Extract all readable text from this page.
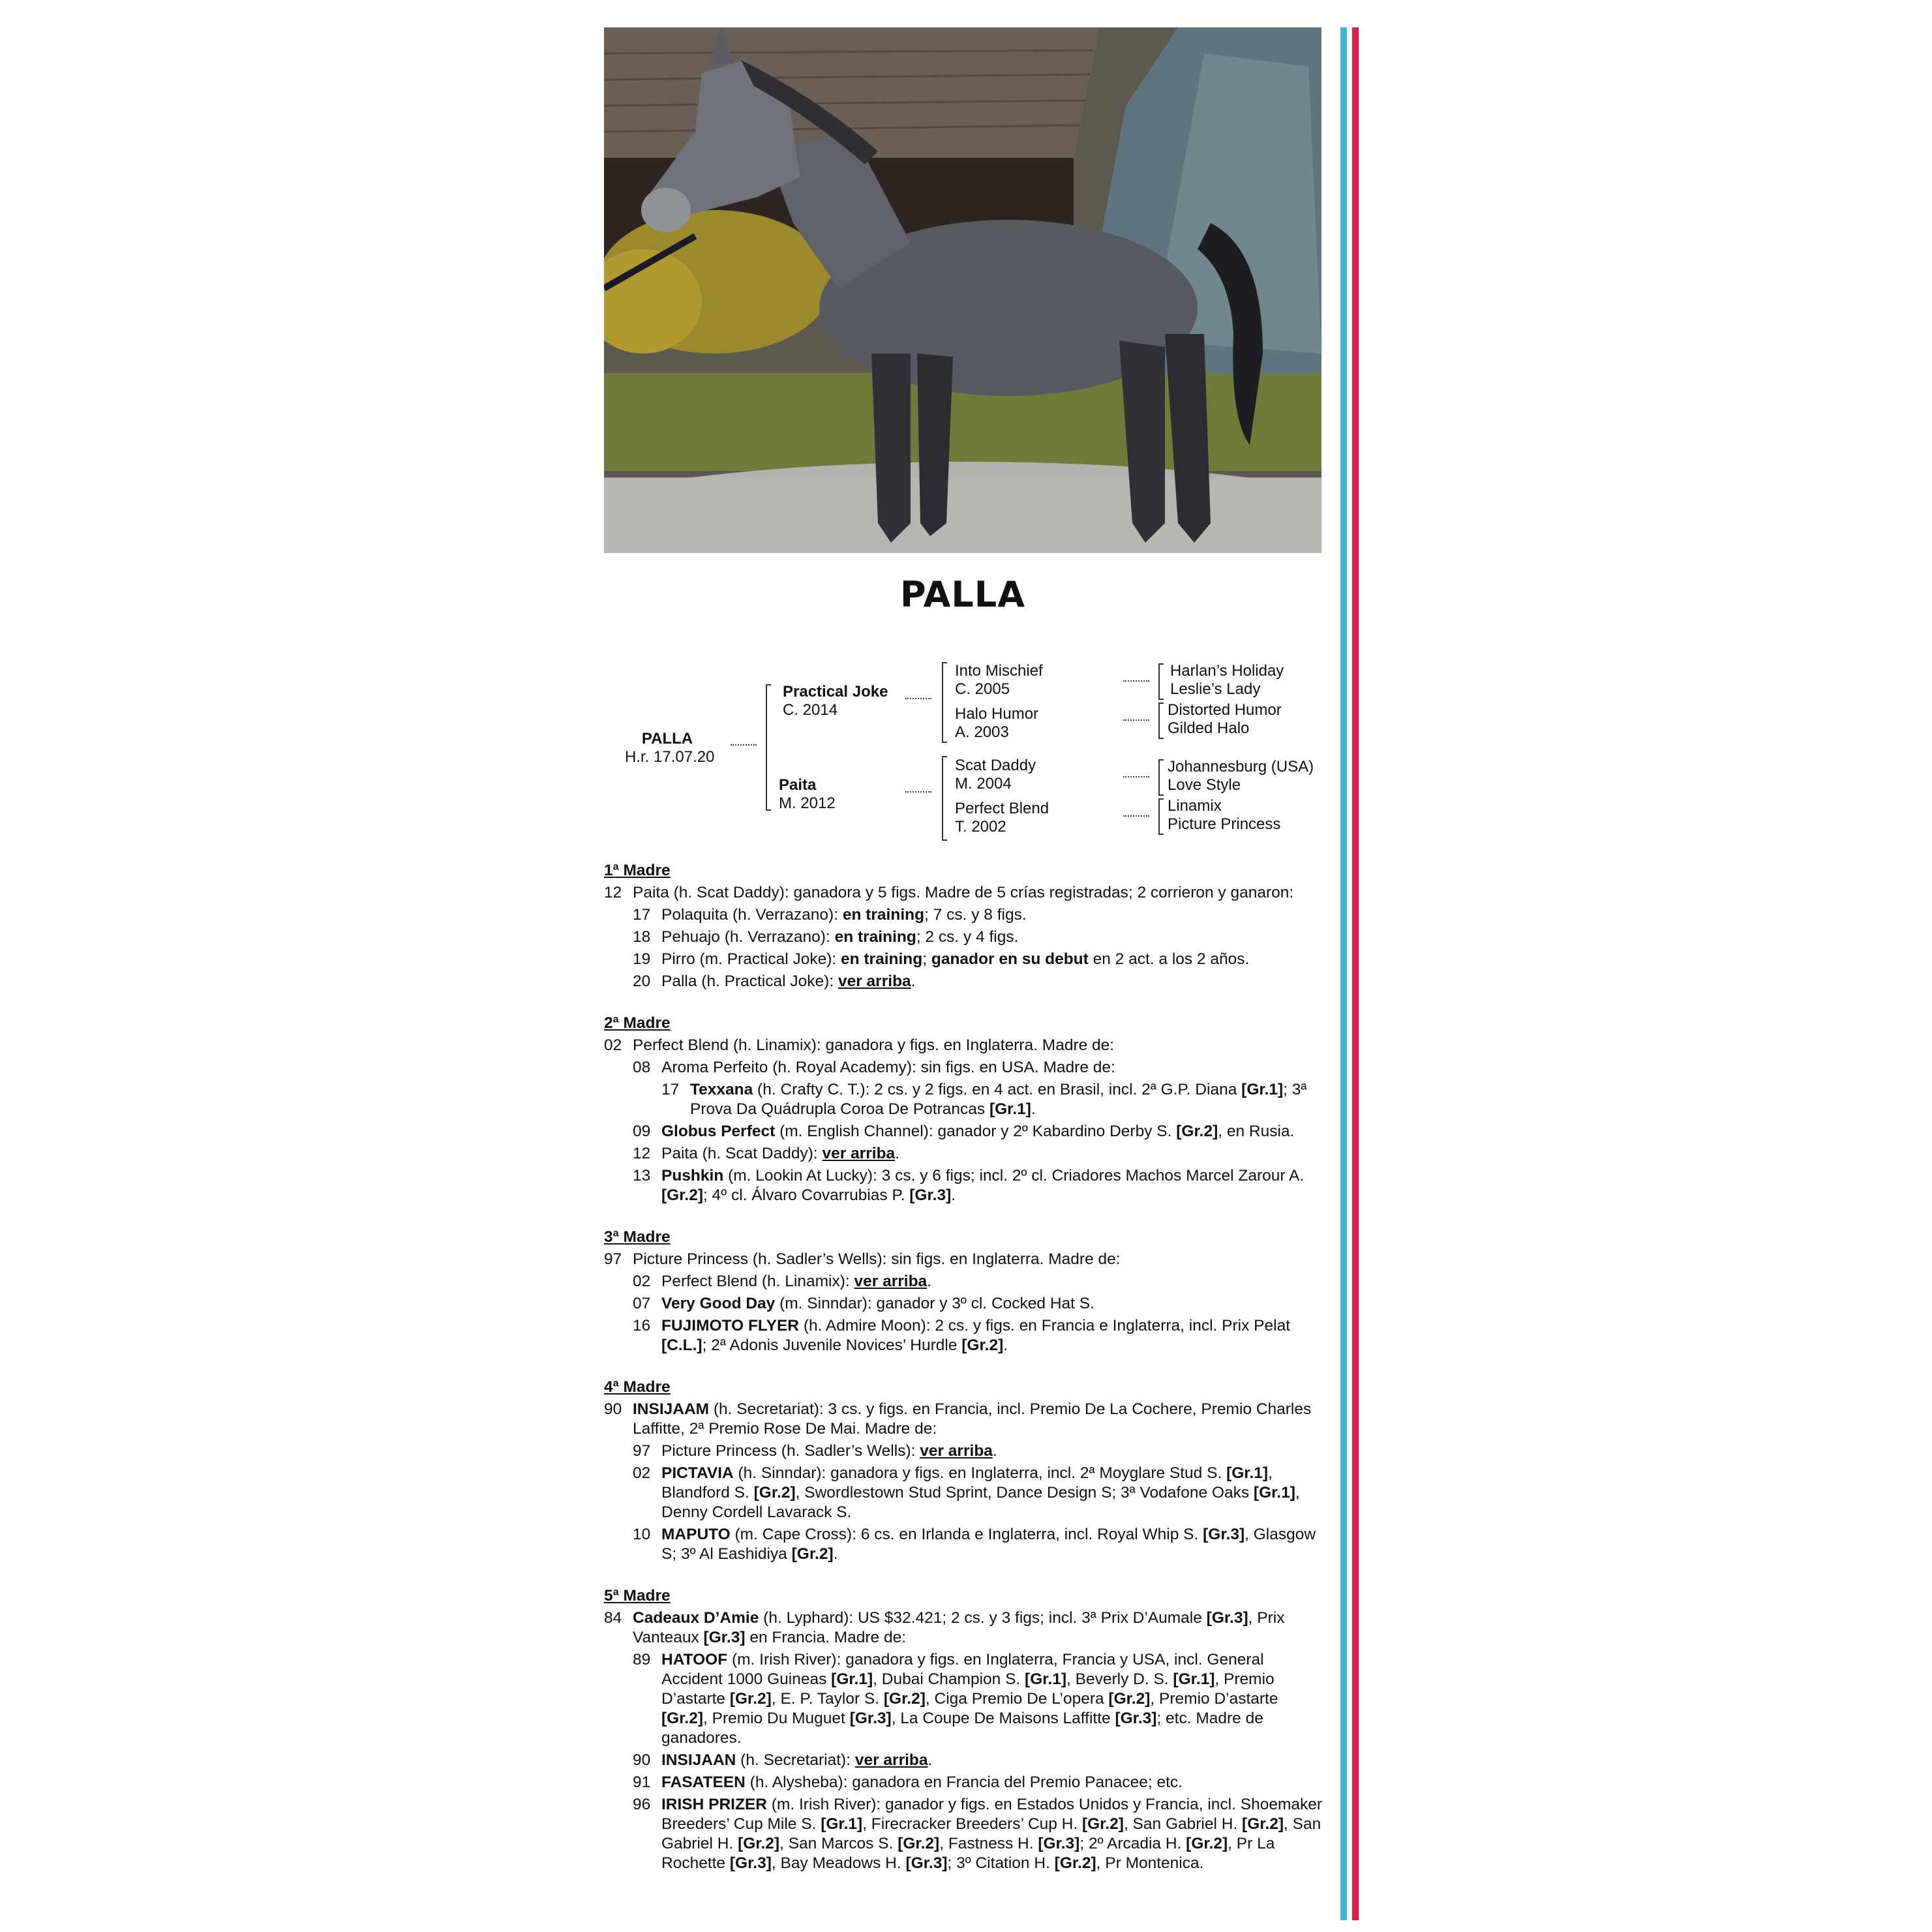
PALLA
PALLA
H.r. 17.07.20
Practical Joke
C. 2014
Paita
M. 2012
Into Mischief
C. 2005
Halo Humor
A. 2003
Scat Daddy
M. 2004
Perfect Blend
T. 2002
Harlan’s Holiday
Leslie’s Lady
Distorted Humor
Gilded Halo
Johannesburg (USA)
Love Style
Linamix
Picture Princess
1ª Madre
12 Paita (h. Scat Daddy): ganadora y 5 figs. Madre de 5 crías registradas; 2 corrieron y ganaron:
17 Polaquita (h. Verrazano): en training; 7 cs. y 8 figs.
18 Pehuajo (h. Verrazano): en training; 2 cs. y 4 figs.
19 Pirro (m. Practical Joke): en training; ganador en su debut en 2 act. a los 2 años.
20 Palla (h. Practical Joke): ver arriba.
2ª Madre
02 Perfect Blend (h. Linamix): ganadora y figs. en Inglaterra. Madre de:
08 Aroma Perfeito (h. Royal Academy): sin figs. en USA. Madre de:
17 Texxana (h. Crafty C. T.): 2 cs. y 2 figs. en 4 act. en Brasil, incl. 2ª G.P. Diana [Gr.1]; 3ª Prova Da Quádrupla Coroa De Potrancas [Gr.1].
09 Globus Perfect (m. English Channel): ganador y 2º Kabardino Derby S. [Gr.2], en Rusia.
12 Paita (h. Scat Daddy): ver arriba.
13 Pushkin (m. Lookin At Lucky): 3 cs. y 6 figs; incl. 2º cl. Criadores Machos Marcel Zarour A. [Gr.2]; 4º cl. Álvaro Covarrubias P. [Gr.3].
3ª Madre
97 Picture Princess (h. Sadler’s Wells): sin figs. en Inglaterra. Madre de:
02 Perfect Blend (h. Linamix): ver arriba.
07 Very Good Day (m. Sinndar): ganador y 3º cl. Cocked Hat S.
16 FUJIMOTO FLYER (h. Admire Moon): 2 cs. y figs. en Francia e Inglaterra, incl. Prix Pelat [C.L.]; 2ª Adonis Juvenile Novices’ Hurdle [Gr.2].
4ª Madre
90 INSIJAAM (h. Secretariat): 3 cs. y figs. en Francia, incl. Premio De La Cochere, Premio Charles Laffitte, 2ª Premio Rose De Mai. Madre de:
97 Picture Princess (h. Sadler’s Wells): ver arriba.
02 PICTAVIA (h. Sinndar): ganadora y figs. en Inglaterra, incl. 2ª Moyglare Stud S. [Gr.1], Blandford S. [Gr.2], Swordlestown Stud Sprint, Dance Design S; 3ª Vodafone Oaks [Gr.1], Denny Cordell Lavarack S.
10 MAPUTO (m. Cape Cross): 6 cs. en Irlanda e Inglaterra, incl. Royal Whip S. [Gr.3], Glasgow S; 3º Al Eashidiya [Gr.2].
5ª Madre
84 Cadeaux D’Amie (h. Lyphard): US $32.421; 2 cs. y 3 figs; incl. 3ª Prix D’Aumale [Gr.3], Prix Vanteaux [Gr.3] en Francia. Madre de:
89 HATOOF (m. Irish River): ganadora y figs. en Inglaterra, Francia y USA, incl. General Accident 1000 Guineas [Gr.1], Dubai Champion S. [Gr.1], Beverly D. S. [Gr.1], Premio D’astarte [Gr.2], E. P. Taylor S. [Gr.2], Ciga Premio De L’opera [Gr.2], Premio D’astarte [Gr.2], Premio Du Muguet [Gr.3], La Coupe De Maisons Laffitte [Gr.3]; etc. Madre de ganadores.
90 INSIJAAN (h. Secretariat): ver arriba.
91 FASATEEN (h. Alysheba): ganadora en Francia del Premio Panacee; etc.
96 IRISH PRIZER (m. Irish River): ganador y figs. en Estados Unidos y Francia, incl. Shoemaker Breeders’ Cup Mile S. [Gr.1], Firecracker Breeders’ Cup H. [Gr.2], San Gabriel H. [Gr.2], San Gabriel H. [Gr.2], San Marcos S. [Gr.2], Fastness H. [Gr.3]; 2º Arcadia H. [Gr.2], Pr La Rochette [Gr.3], Bay Meadows H. [Gr.3]; 3º Citation H. [Gr.2], Pr Montenica.
